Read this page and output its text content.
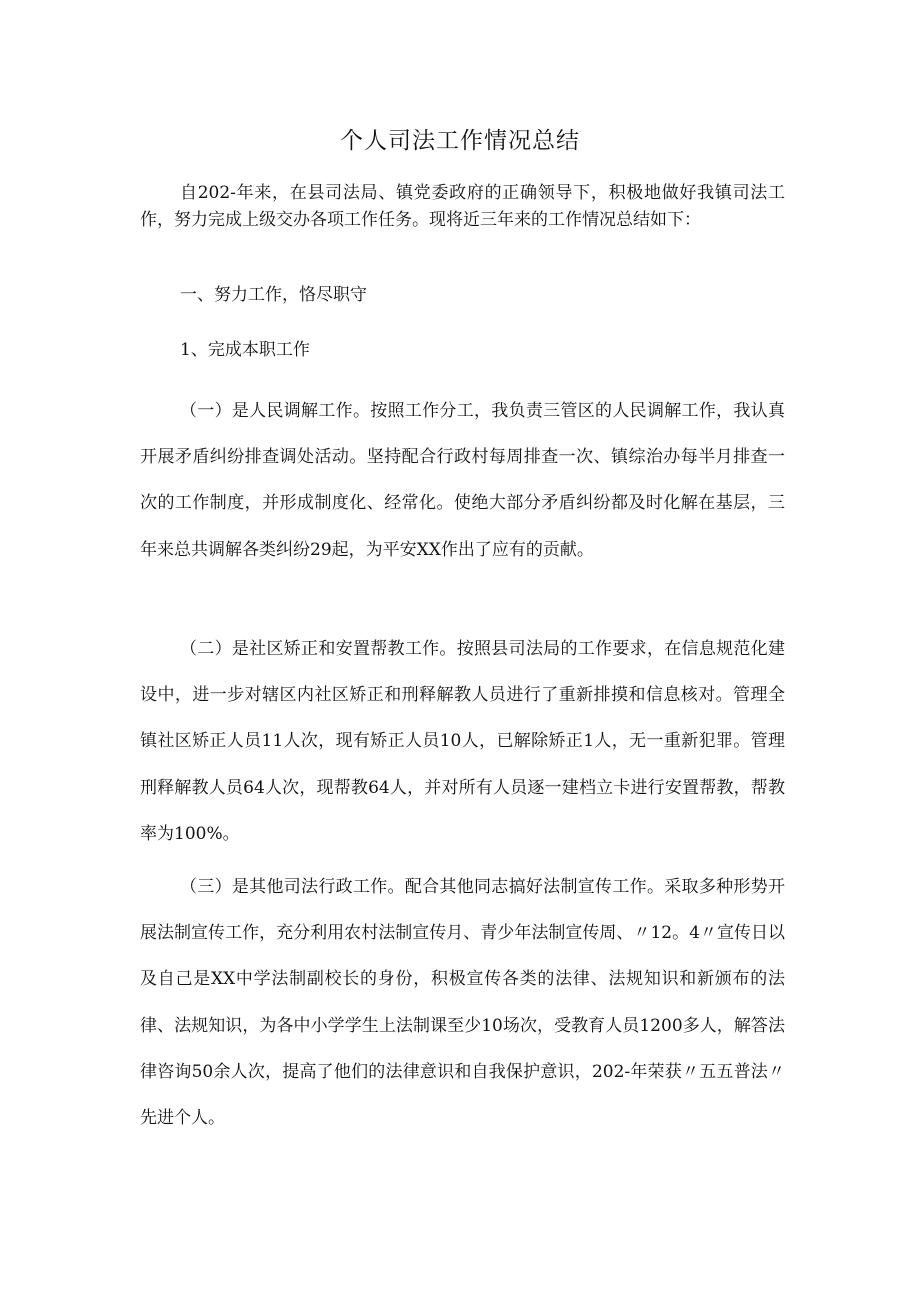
个人司法工作情况总结

自202-年来，在县司法局、镇党委政府的正确领导下，积极地做好我镇司法工作，努力完成上级交办各项工作任务。现将近三年来的工作情况总结如下：

一、努力工作，恪尽职守

1、完成本职工作

（一）是人民调解工作。按照工作分工，我负责三管区的人民调解工作，我认真开展矛盾纠纷排查调处活动。坚持配合行政村每周排查一次、镇综治办每半月排查一次的工作制度，并形成制度化、经常化。使绝大部分矛盾纠纷都及时化解在基层，三年来总共调解各类纠纷29起，为平安XX作出了应有的贡献。

（二）是社区矫正和安置帮教工作。按照县司法局的工作要求，在信息规范化建设中，进一步对辖区内社区矫正和刑释解教人员进行了重新排摸和信息核对。管理全镇社区矫正人员11人次，现有矫正人员10人，已解除矫正1人，无一重新犯罪。管理刑释解教人员64人次，现帮教64人，并对所有人员逐一建档立卡进行安置帮教，帮教率为100%。

（三）是其他司法行政工作。配合其他同志搞好法制宣传工作。采取多种形势开展法制宣传工作，充分利用农村法制宣传月、青少年法制宣传周、〃12。4〃宣传日以及自己是XX中学法制副校长的身份，积极宣传各类的法律、法规知识和新颁布的法律、法规知识，为各中小学学生上法制课至少10场次，受教育人员1200多人，解答法律咨询50余人次，提高了他们的法律意识和自我保护意识，202-年荣获〃五五普法〃先进个人。
